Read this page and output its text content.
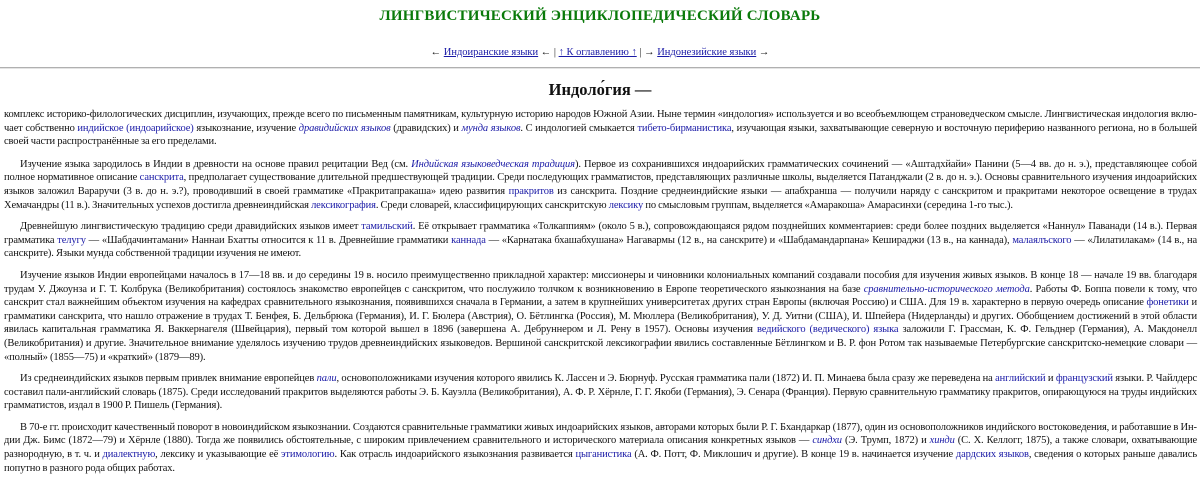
ЛИНГВИСТИЧЕСКИЙ ЭНЦИКЛОПЕДИЧЕСКИЙ СЛОВАРЬ
← Индоиранские языки ← | ↑ К оглавлению ↑ | → Индонезийские языки →
Индоло́гия —

комплекс историко-филологических дисциплин, изучающих, прежде всего по письменным памятникам, культурную историю народов Южной Азии. Ныне термин «индология» используется и во всеобъемлющем страноведческом смысле. Лингвистическая индология включает собственно индийское (индоарийское) языкознание, изучение дравидийских языков (дравидских) и мунда языков. С индологией смыкается тибето-бирманистика, изучающая языки, захватывающие северную и восточную периферию названного региона, но в большей своей части распространённые за его пределами.

Изучение языка зародилось в Индии в древности на основе правил рецитации Вед (см. Индийская языковедческая традиция). Первое из сохранившихся индоарийских грамматических сочинений — «Аштадхйайи» Панини (5—4 вв. до н. э.), представляющее собой полное нормативное описание санскрита, предполагает существование длительной предшествующей традиции. Среди последующих грамматистов, представляющих различные школы, выделяется Патанджали (2 в. до н. э.). Основы сравнительного изучения индоарийских языков заложил Вараручи (3 в. до н. э.?), проводивший в своей грамматике «Пракритапракаша» идею развития пракритов из санскрита. Поздние среднеиндийские языки — апабхранша — получили наряду с санскритом и пракритами некоторое освещение в трудах Хемачандры (11 в.). Значительных успехов достигла древнеиндийская лексикография. Среди словарей, классифицирующих санскритскую лексику по смысловым группам, выделяется «Амаракоша» Амарасинхи (середина 1-го тыс.).

Древнейшую лингвистическую традицию среди дравидийских языков имеет тамильский. Её открывает грамматика «Толкаппиям» (около 5 в.), сопровождающаяся рядом позднейших комментариев: среди более поздних выделяется «Наннул» Паванади (14 в.). Первая грамматика телугу — «Шабдачинтамани» Наннаи Бхатты относится к 11 в. Древнейшие грамматики каннада — «Карнатака бхашабхушана» Нагавармы (12 в., на санскрите) и «Шабдамандарпана» Кешираджи (13 в., на каннада), малаялъского — «Лилатилакам» (14 в., на санскрите). Языки мунда собственной традиции изучения не имеют.

Изучение языков Индии европейцами началось в 17—18 вв. и до середины 19 в. носило преимущественно прикладной характер: миссионеры и чиновники колониальных компаний создавали пособия для изучения живых языков. В конце 18 — начале 19 вв. благодаря трудам У. Джоунза и Г. Т. Колбрука (Великобритания) состоялось знакомство европейцев с санскритом, что послужило толчком к возникновению в Европе теоретического языкознания на базе сравнительно-исторического метода. Работы Ф. Боппа повели к тому, что санскрит стал важнейшим объектом изучения на кафедрах сравнительного языкознания, появившихся сначала в Германии, а затем в крупнейших университетах других стран Европы (включая Россию) и США. Для 19 в. характерно в первую очередь описание фонетики и грамматики санскрита, что нашло отражение в трудах Т. Бенфея, Б. Дельбрюка (Германия), И. Г. Бюлера (Австрия), О. Бётлингка (Россия), М. Мюллера (Великобритания), У. Д. Уитни (США), И. Шпейера (Нидерланды) и других. Обобщением достижений в этой области явилась капитальная грамматика Я. Ваккернагеля (Швейцария), первый том которой вышел в 1896 (завершена А. Дебруннером и Л. Рену в 1957). Основы изучения ведийского (ведического) языка заложили Г. Грассман, К. Ф. Гельднер (Германия), А. Макдонелл (Великобритания) и другие. Значительное внимание уделялось изучению трудов древнеиндийских языковедов. Вершиной санскритской лексикографии явились составленные Бётлингком и В. Р. фон Ротом так называемые Петербургские санскритско-немецкие словари — «полный» (1855—75) и «краткий» (1879—89).

Из среднеиндийских языков первым привлек внимание европейцев пали, основоположниками изучения которого явились К. Лассен и Э. Бюрнуф. Русская грамматика пали (1872) И. П. Минаева была сразу же переведена на английский и французский языки. Р. Чайлдерс составил пали-английский словарь (1875). Среди исследований пракритов выделяются работы Э. Б. Кауэлла (Великобритания), А. Ф. Р. Хёрнле, Г. Г. Якоби (Германия), Э. Сенара (Франция). Первую сравнительную грамматику пракритов, опирающуюся на труды индийских грамматистов, издал в 1900 Р. Пишель (Германия).

В 70-е гг. происходит качественный поворот в новоиндийском языкознании. Создаются сравнительные грамматики живых индоарийских языков, авторами которых были Р. Г. Бхандаркар (1877), один из основоположников индийского востоковедения, и работавшие в Индии Дж. Бимс (1872—79) и Хёрнле (1880). Тогда же появились обстоятельные, с широким привлечением сравнительного и исторического материала описания конкретных языков — синдхи (Э. Трумп, 1872) и хинди (С. Х. Келлогг, 1875), а также словари, охватывающие разнородную, в т. ч. и диалектную, лексику и указывающие её этимологию. Как отрасль индоарийского языкознания развивается цыганистика (А. Ф. Потт, Ф. Миклошич и другие). В конце 19 в. начинается изучение дардских языков, сведения о которых раньше давались попутно в разного рода общих работах.
